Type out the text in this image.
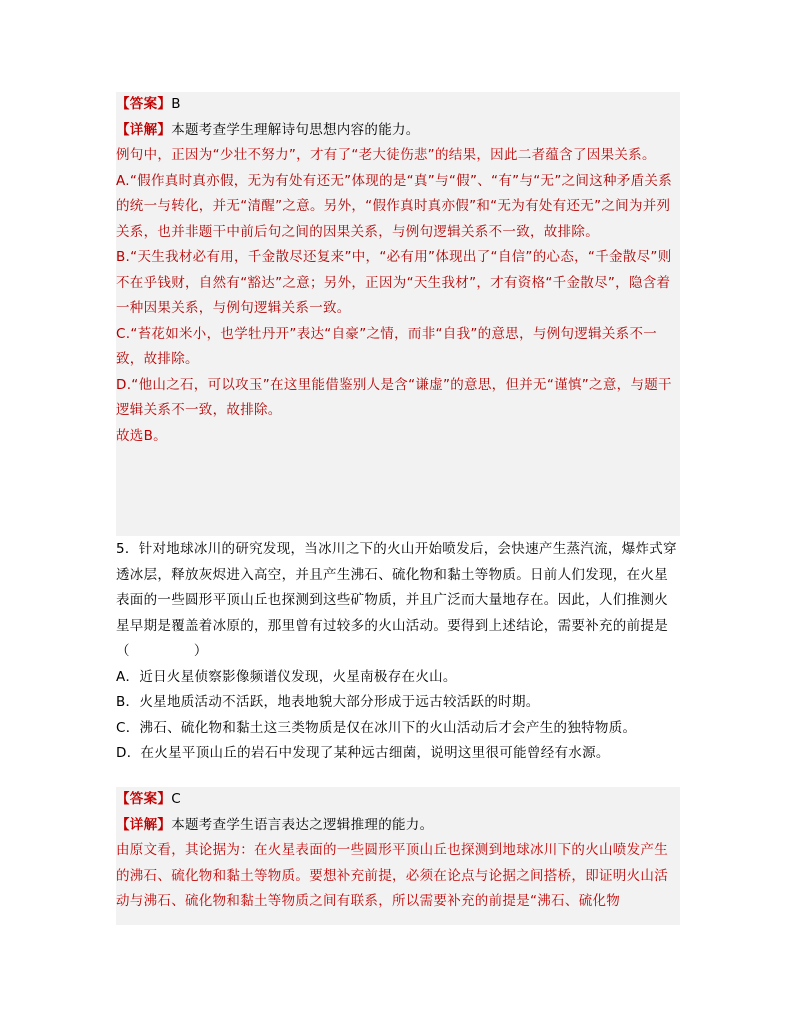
【答案】B

【详解】本题考查学生理解诗句思想内容的能力。

例句中，正因为“少壮不努力”，才有了“老大徒伤悲”的结果，因此二者蕴含了因果关系。

A.“假作真时真亦假，无为有处有还无”体现的是“真”与“假”、“有”与“无”之间这种矛盾关系的统一与转化，并无“清醒”之意。另外，“假作真时真亦假”和“无为有处有还无”之间为并列关系，也并非题干中前后句之间的因果关系，与例句逻辑关系不一致，故排除。

B.“天生我材必有用，千金散尽还复来”中，“必有用”体现出了“自信”的心态，“千金散尽”则不在乎钱财，自然有“豁达”之意；另外，正因为“天生我材”，才有资格“千金散尽”，隐含着一种因果关系，与例句逻辑关系一致。

C.“苔花如米小，也学牡丹开”表达“自豪”之情，而非“自我”的意思，与例句逻辑关系不一致，故排除。

D.“他山之石，可以攻玉”在这里能借鉴别人是含“谦虚”的意思，但并无“谨慎”之意，与题干逻辑关系不一致，故排除。

故选B。

5．针对地球冰川的研究发现，当冰川之下的火山开始喷发后，会快速产生蒸汽流，爆炸式穿透冰层，释放灰烬进入高空，并且产生沸石、硫化物和黏土等物质。日前人们发现，在火星表面的一些圆形平顶山丘也探测到这些矿物质，并且广泛而大量地存在。因此，人们推测火星早期是覆盖着冰原的，那里曾有过较多的火山活动。要得到上述结论，需要补充的前提是（	）

A．近日火星侦察影像频谱仪发现，火星南极存在火山。

B．火星地质活动不活跃，地表地貌大部分形成于远古较活跃的时期。

C．沸石、硫化物和黏土这三类物质是仅在冰川下的火山活动后才会产生的独特物质。

D．在火星平顶山丘的岩石中发现了某种远古细菌，说明这里很可能曾经有水源。

【答案】C

【详解】本题考查学生语言表达之逻辑推理的能力。

由原文看，其论据为：在火星表面的一些圆形平顶山丘也探测到地球冰川下的火山喷发产生的沸石、硫化物和黏土等物质。要想补充前提，必须在论点与论据之间搭桥，即证明火山活动与沸石、硫化物和黏土等物质之间有联系，所以需要补充的前提是“沸石、硫化物
